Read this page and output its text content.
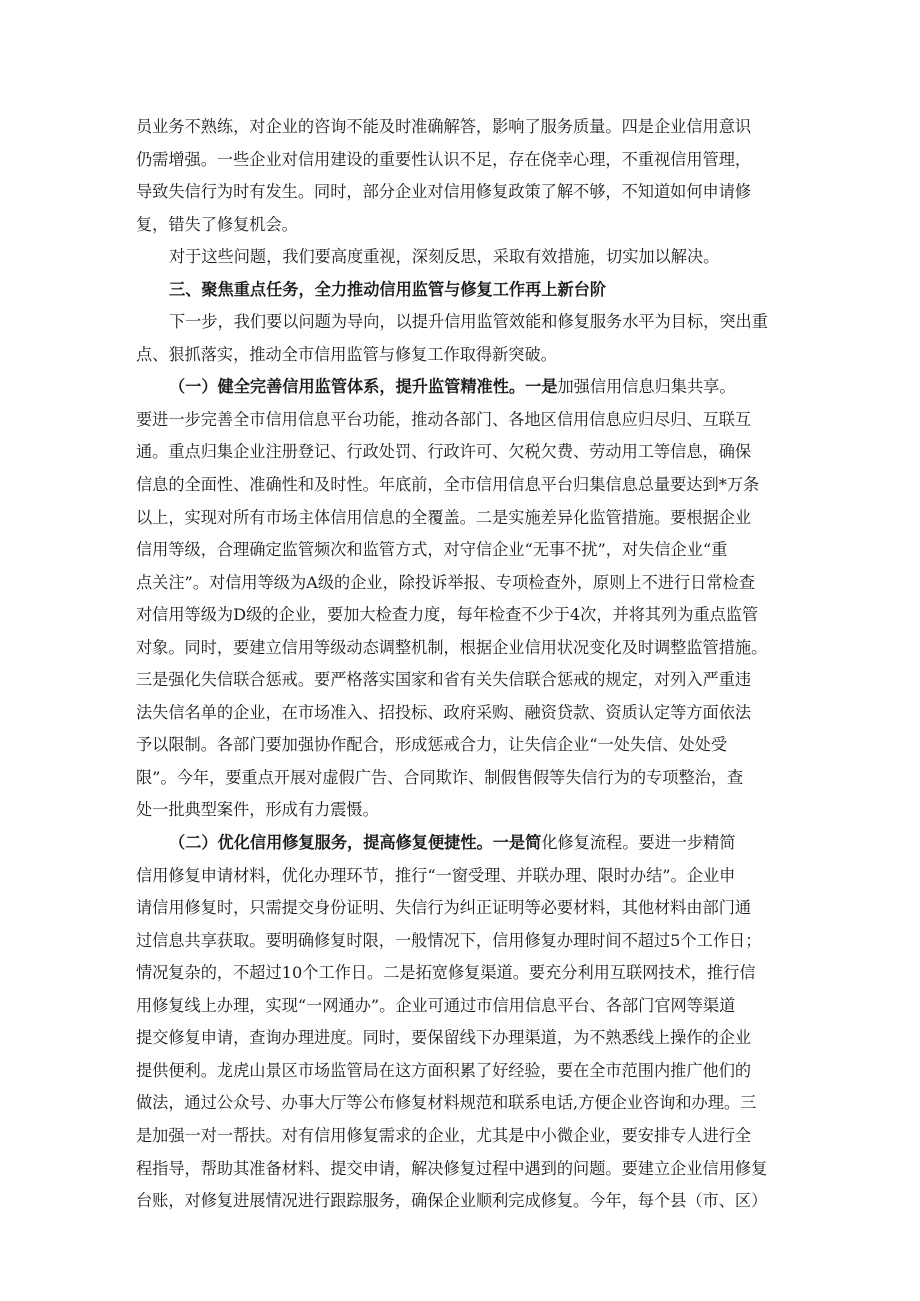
员业务不熟练，对企业的咨询不能及时准确解答，影响了服务质量。四是企业信用意识
仍需增强。一些企业对信用建设的重要性认识不足，存在侥幸心理，不重视信用管理，
导致失信行为时有发生。同时，部分企业对信用修复政策了解不够，不知道如何申请修
复，错失了修复机会。
对于这些问题，我们要高度重视，深刻反思，采取有效措施，切实加以解决。
三、聚焦重点任务，全力推动信用监管与修复工作再上新台阶
下一步，我们要以问题为导向，以提升信用监管效能和修复服务水平为目标，突出重
点、狠抓落实，推动全市信用监管与修复工作取得新突破。
（一）健全完善信用监管体系，提升监管精准性。一是加强信用信息归集共享。
要进一步完善全市信用信息平台功能，推动各部门、各地区信用信息应归尽归、互联互
通。重点归集企业注册登记、行政处罚、行政许可、欠税欠费、劳动用工等信息，确保
信息的全面性、准确性和及时性。年底前，全市信用信息平台归集信息总量要达到*万条
以上，实现对所有市场主体信用信息的全覆盖。二是实施差异化监管措施。要根据企业
信用等级，合理确定监管频次和监管方式，对守信企业“无事不扰”，对失信企业“重
点关注”。对信用等级为A级的企业，除投诉举报、专项检查外，原则上不进行日常检查
对信用等级为D级的企业，要加大检查力度，每年检查不少于4次，并将其列为重点监管
对象。同时，要建立信用等级动态调整机制，根据企业信用状况变化及时调整监管措施。
三是强化失信联合惩戒。要严格落实国家和省有关失信联合惩戒的规定，对列入严重违
法失信名单的企业，在市场准入、招投标、政府采购、融资贷款、资质认定等方面依法
予以限制。各部门要加强协作配合，形成惩戒合力，让失信企业“一处失信、处处受
限”。今年，要重点开展对虚假广告、合同欺诈、制假售假等失信行为的专项整治，查
处一批典型案件，形成有力震慑。
（二）优化信用修复服务，提高修复便捷性。一是简化修复流程。要进一步精简
信用修复申请材料，优化办理环节，推行“一窗受理、并联办理、限时办结”。企业申
请信用修复时，只需提交身份证明、失信行为纠正证明等必要材料，其他材料由部门通
过信息共享获取。要明确修复时限，一般情况下，信用修复办理时间不超过5个工作日；
情况复杂的，不超过10个工作日。二是拓宽修复渠道。要充分利用互联网技术，推行信
用修复线上办理，实现“一网通办”。企业可通过市信用信息平台、各部门官网等渠道
提交修复申请，查询办理进度。同时，要保留线下办理渠道，为不熟悉线上操作的企业
提供便利。龙虎山景区市场监管局在这方面积累了好经验，要在全市范围内推广他们的
做法，通过公众号、办事大厅等公布修复材料规范和联系电话,方便企业咨询和办理。三
是加强一对一帮扶。对有信用修复需求的企业，尤其是中小微企业，要安排专人进行全
程指导，帮助其准备材料、提交申请，解决修复过程中遇到的问题。要建立企业信用修复
台账，对修复进展情况进行跟踪服务，确保企业顺利完成修复。今年，每个县（市、区）
